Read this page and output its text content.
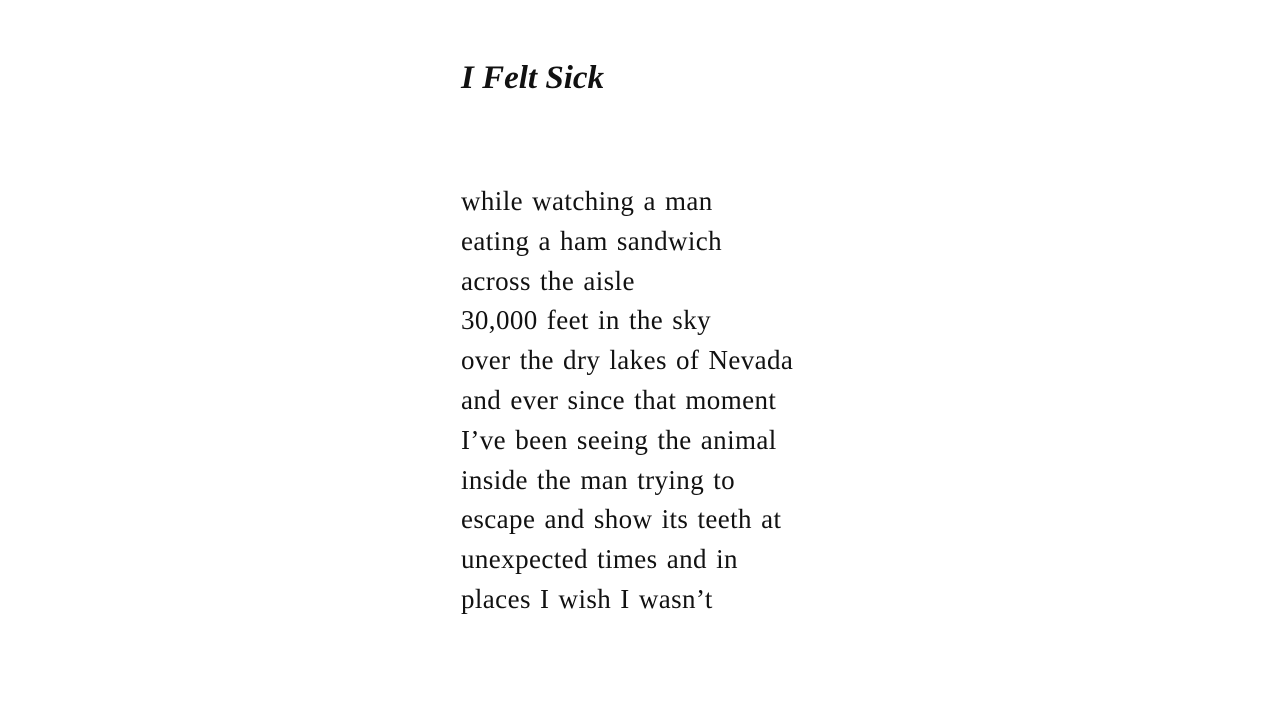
I Felt Sick
while watching a man
eating a ham sandwich
across the aisle
30,000 feet in the sky
over the dry lakes of Nevada
and ever since that moment
I’ve been seeing the animal
inside the man trying to
escape and show its teeth at
unexpected times and in
places I wish I wasn’t
